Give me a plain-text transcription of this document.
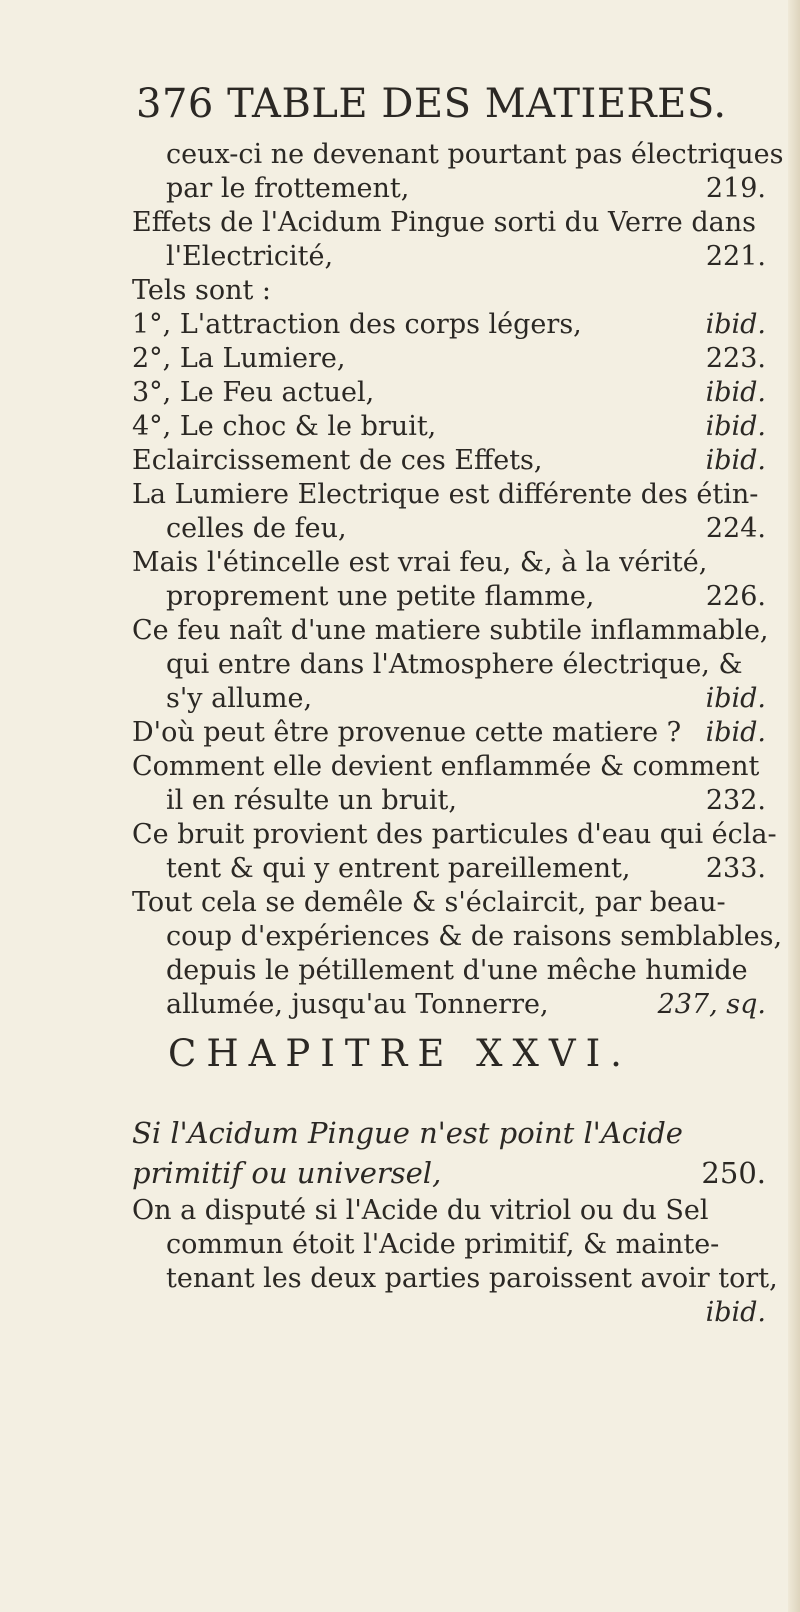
376 TABLE DES MATIERES.
ceux-ci ne devenant pourtant pas électriques
par le frottement,	219.
Effets de l'Acidum Pingue sorti du Verre dans
l'Electricité,	221.
Tels sont :
1°, L'attraction des corps légers,	ibid.
2°, La Lumiere,	223.
3°, Le Feu actuel,	ibid.
4°, Le choc & le bruit,	ibid.
Eclaircissement de ces Effets,	ibid.
La Lumiere Electrique est différente des étin-
celles de feu,	224.
Mais l'étincelle est vrai feu, &, à la vérité,
proprement une petite flamme,	226.
Ce feu naît d'une matiere subtile inflammable,
qui entre dans l'Atmosphere électrique, &
s'y allume,	ibid.
D'où peut être provenue cette matiere ? ibid.
Comment elle devient enflammée & comment
il en résulte un bruit,	232.
Ce bruit provient des particules d'eau qui écla-
tent & qui y entrent pareillement,	233.
Tout cela se demêle & s'éclaircit, par beau-
coup d'expériences & de raisons semblables,
depuis le pétillement d'une mêche humide
allumée, jusqu'au Tonnerre,	237, sq.
CHAPITRE XXVI.
Si l'Acidum Pingue n'est point l'Acide
primitif ou universel,	250.
On a disputé si l'Acide du vitriol ou du Sel
commun étoit l'Acide primitif, & mainte-
tenant les deux parties paroissent avoir tort,
ibid.
